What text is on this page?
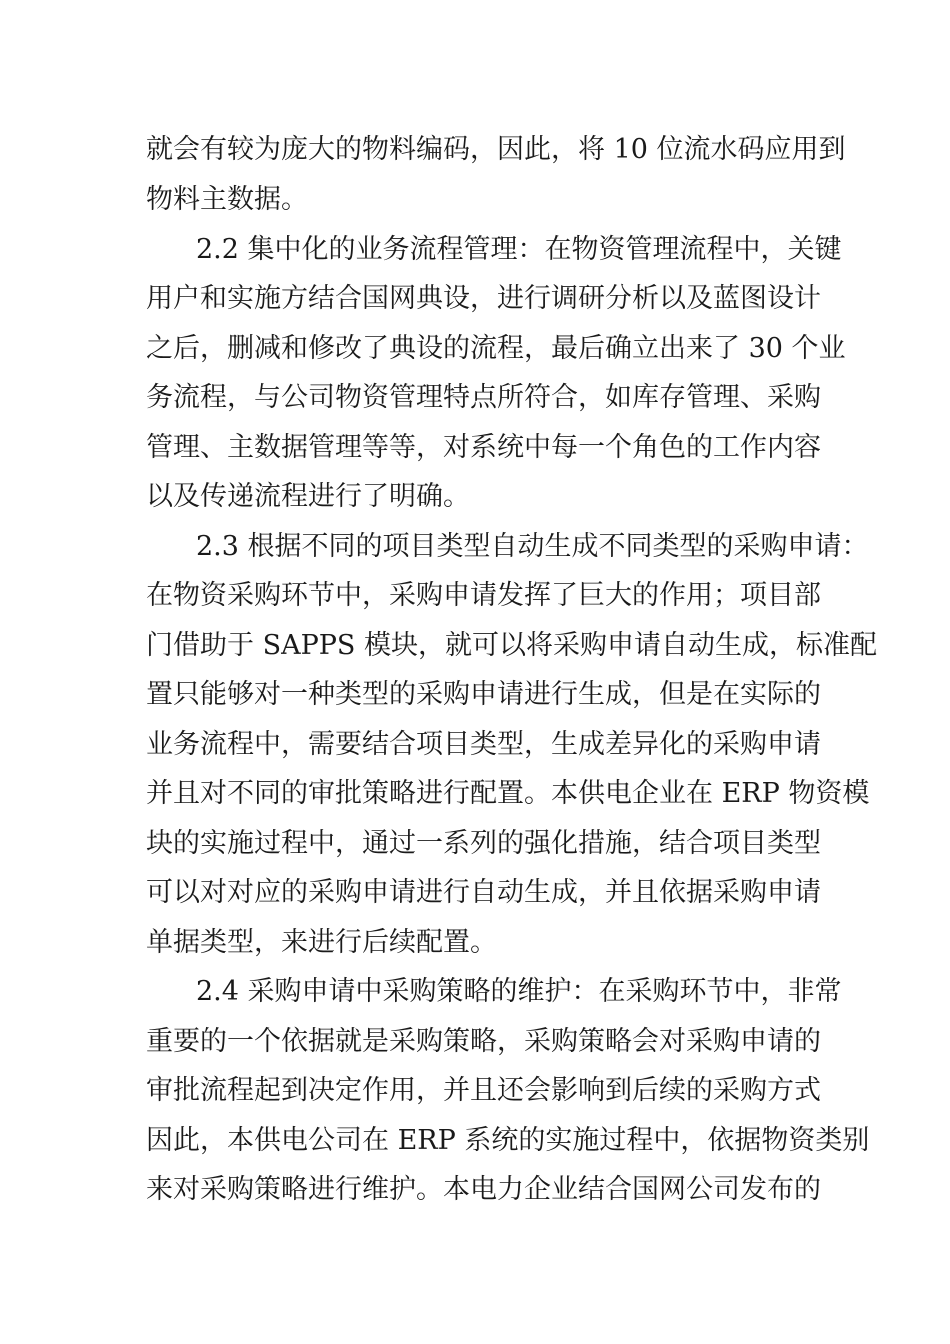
就会有较为庞大的物料编码，因此，将 10 位流水码应用到
物料主数据。
2.2 集中化的业务流程管理：在物资管理流程中，关键
用户和实施方结合国网典设，进行调研分析以及蓝图设计
之后，删减和修改了典设的流程，最后确立出来了 30 个业
务流程，与公司物资管理特点所符合，如库存管理、采购
管理、主数据管理等等，对系统中每一个角色的工作内容
以及传递流程进行了明确。
2.3 根据不同的项目类型自动生成不同类型的采购申请：
在物资采购环节中，采购申请发挥了巨大的作用；项目部
门借助于 SAPPS 模块，就可以将采购申请自动生成，标准配
置只能够对一种类型的采购申请进行生成，但是在实际的
业务流程中，需要结合项目类型，生成差异化的采购申请
并且对不同的审批策略进行配置。本供电企业在 ERP 物资模
块的实施过程中，通过一系列的强化措施，结合项目类型
可以对对应的采购申请进行自动生成，并且依据采购申请
单据类型，来进行后续配置。
2.4 采购申请中采购策略的维护：在采购环节中，非常
重要的一个依据就是采购策略，采购策略会对采购申请的
审批流程起到决定作用，并且还会影响到后续的采购方式
因此，本供电公司在 ERP 系统的实施过程中，依据物资类别
来对采购策略进行维护。本电力企业结合国网公司发布的
